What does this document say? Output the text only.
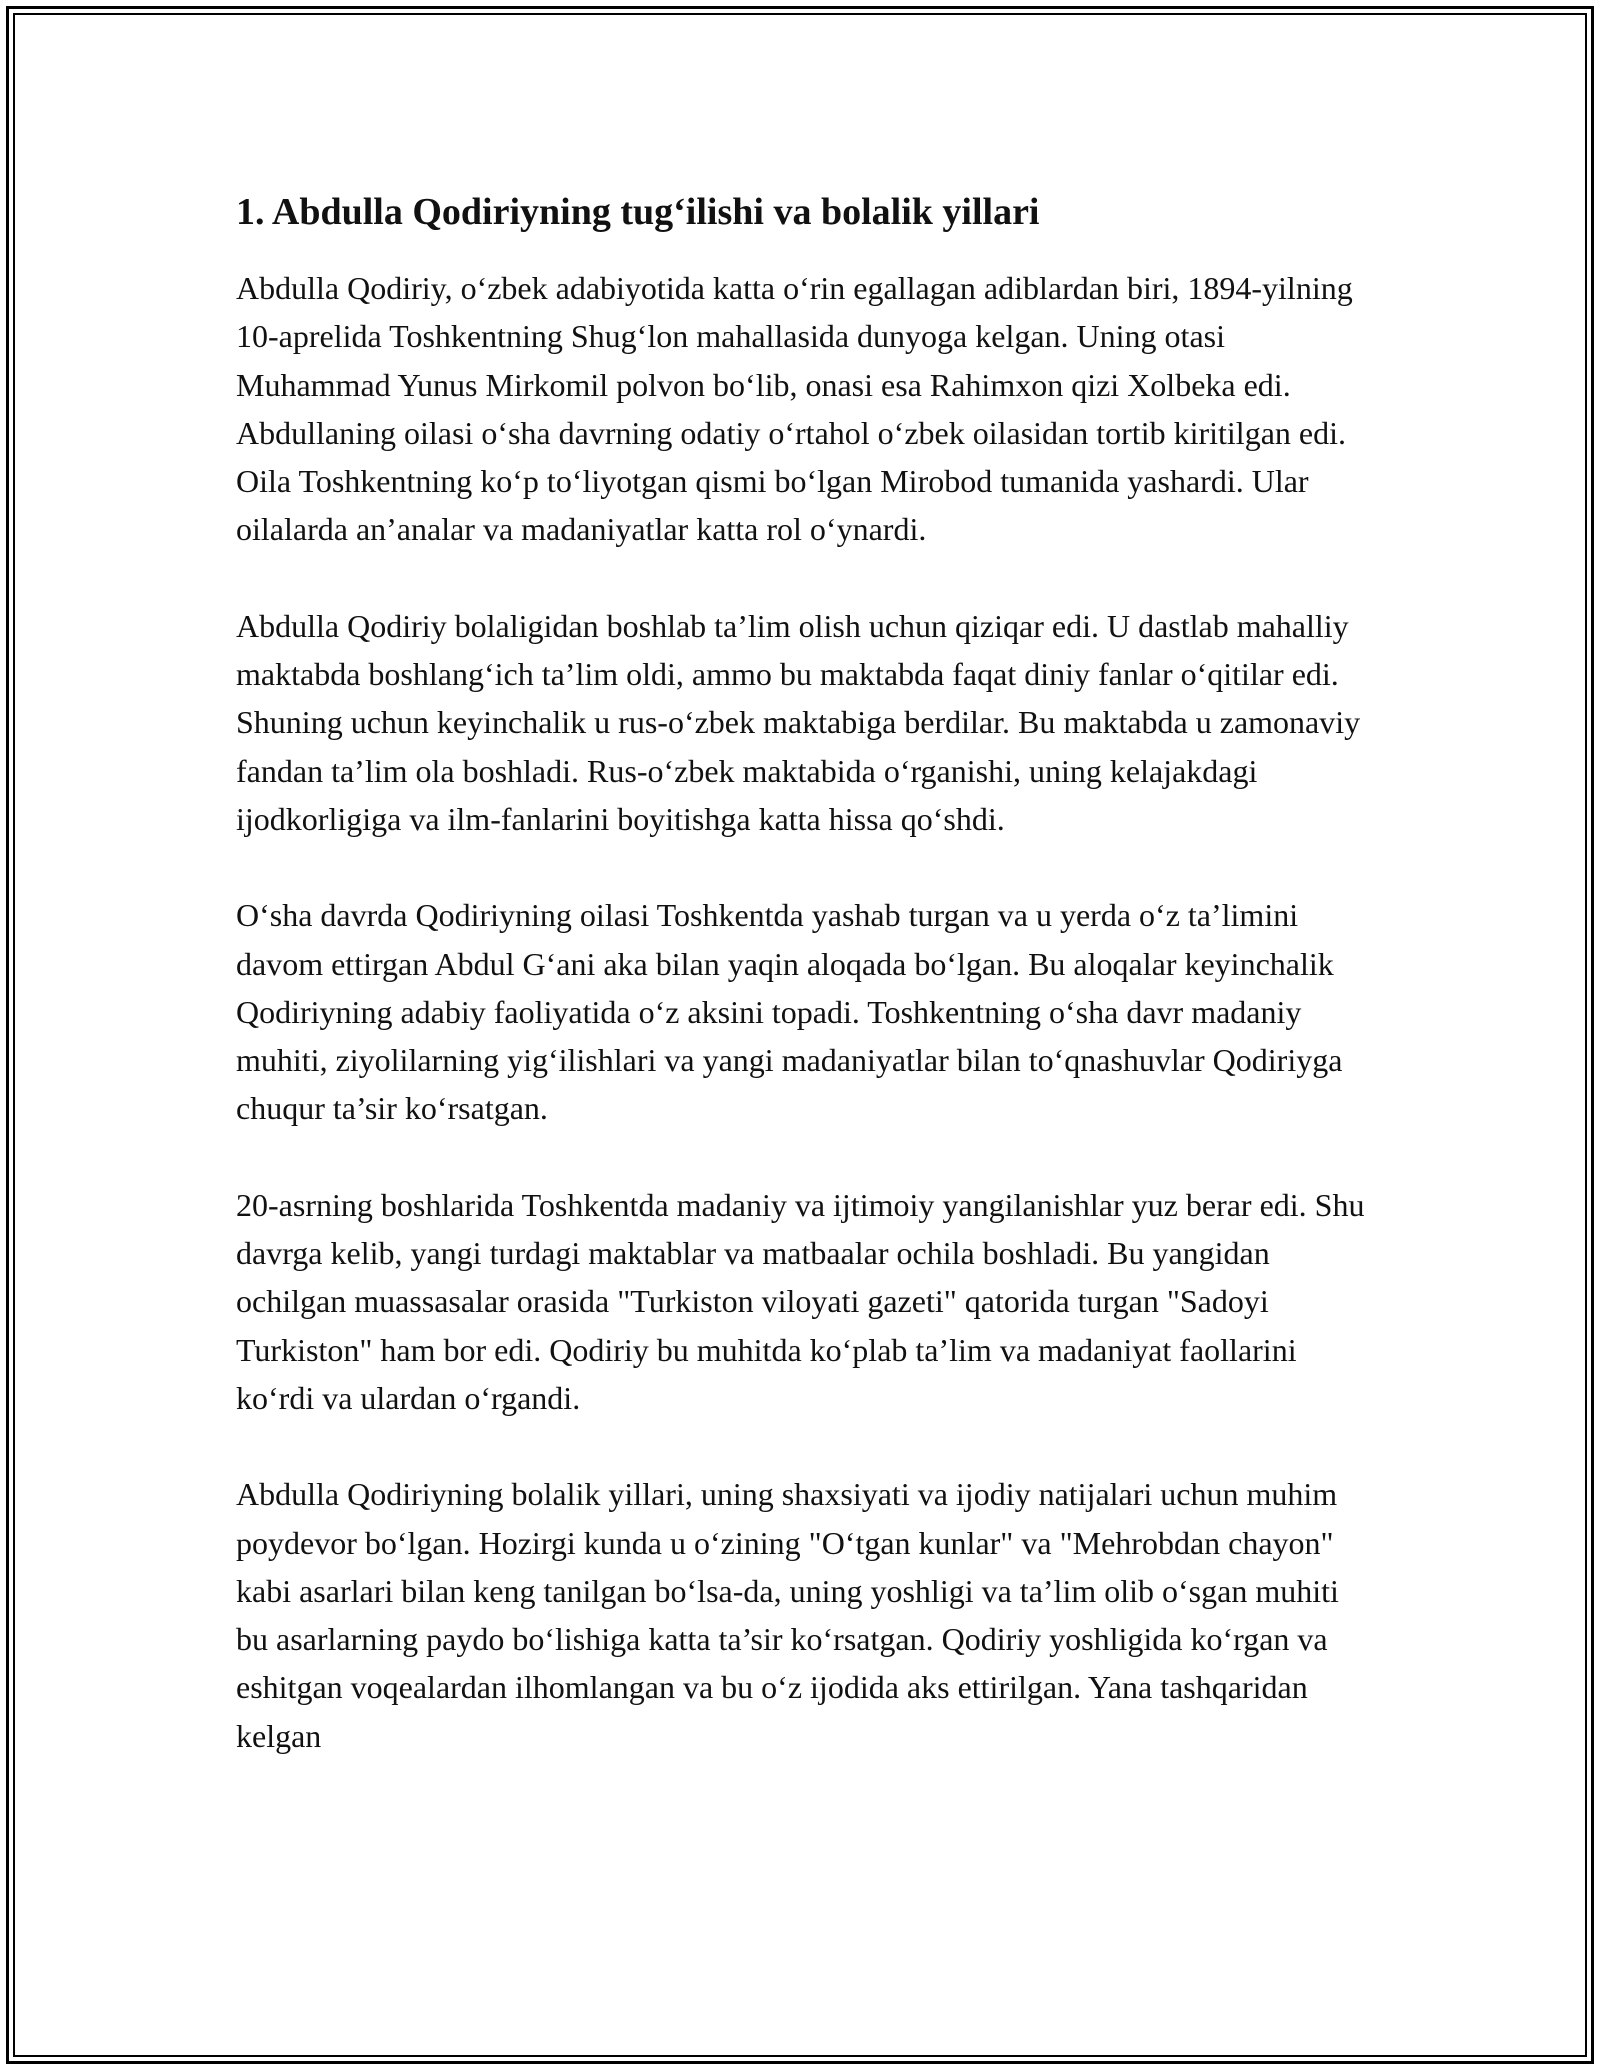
1. Abdulla Qodiriyning tug‘ilishi va bolalik yillari

Abdulla Qodiriy, o‘zbek adabiyotida katta o‘rin egallagan adiblardan biri, 1894-yilning 10-aprelida Toshkentning Shug‘lon mahallasida dunyoga kelgan. Uning otasi Muhammad Yunus Mirkomil polvon bo‘lib, onasi esa Rahimxon qizi Xolbeka edi. Abdullaning oilasi o‘sha davrning odatiy o‘rtahol o‘zbek oilasidan tortib kiritilgan edi. Oila Toshkentning ko‘p to‘liyotgan qismi bo‘lgan Mirobod tumanida yashardi. Ular oilalarda an’analar va madaniyatlar katta rol o‘ynardi.

Abdulla Qodiriy bolaligidan boshlab ta’lim olish uchun qiziqar edi. U dastlab mahalliy maktabda boshlang‘ich ta’lim oldi, ammo bu maktabda faqat diniy fanlar o‘qitilar edi. Shuning uchun keyinchalik u rus-o‘zbek maktabiga berdilar. Bu maktabda u zamonaviy fandan ta’lim ola boshladi. Rus-o‘zbek maktabida o‘rganishi, uning kelajakdagi ijodkorligiga va ilm-fanlarini boyitishga katta hissa qo‘shdi.

O‘sha davrda Qodiriyning oilasi Toshkentda yashab turgan va u yerda o‘z ta’limini davom ettirgan Abdul G‘ani aka bilan yaqin aloqada bo‘lgan. Bu aloqalar keyinchalik Qodiriyning adabiy faoliyatida o‘z aksini topadi. Toshkentning o‘sha davr madaniy muhiti, ziyolilarning yig‘ilishlari va yangi madaniyatlar bilan to‘qnashuvlar Qodiriyga chuqur ta’sir ko‘rsatgan.

20-asrning boshlarida Toshkentda madaniy va ijtimoiy yangilanishlar yuz berar edi. Shu davrga kelib, yangi turdagi maktablar va matbaalar ochila boshladi. Bu yangidan ochilgan muassasalar orasida "Turkiston viloyati gazeti" qatorida turgan "Sadoyi Turkiston" ham bor edi. Qodiriy bu muhitda ko‘plab ta’lim va madaniyat faollarini ko‘rdi va ulardan o‘rgandi.

Abdulla Qodiriyning bolalik yillari, uning shaxsiyati va ijodiy natijalari uchun muhim poydevor bo‘lgan. Hozirgi kunda u o‘zining "O‘tgan kunlar" va "Mehrobdan chayon" kabi asarlari bilan keng tanilgan bo‘lsa-da, uning yoshligi va ta’lim olib o‘sgan muhiti bu asarlarning paydo bo‘lishiga katta ta’sir ko‘rsatgan. Qodiriy yoshligida ko‘rgan va eshitgan voqealardan ilhomlangan va bu o‘z ijodida aks ettirilgan. Yana tashqaridan kelgan
